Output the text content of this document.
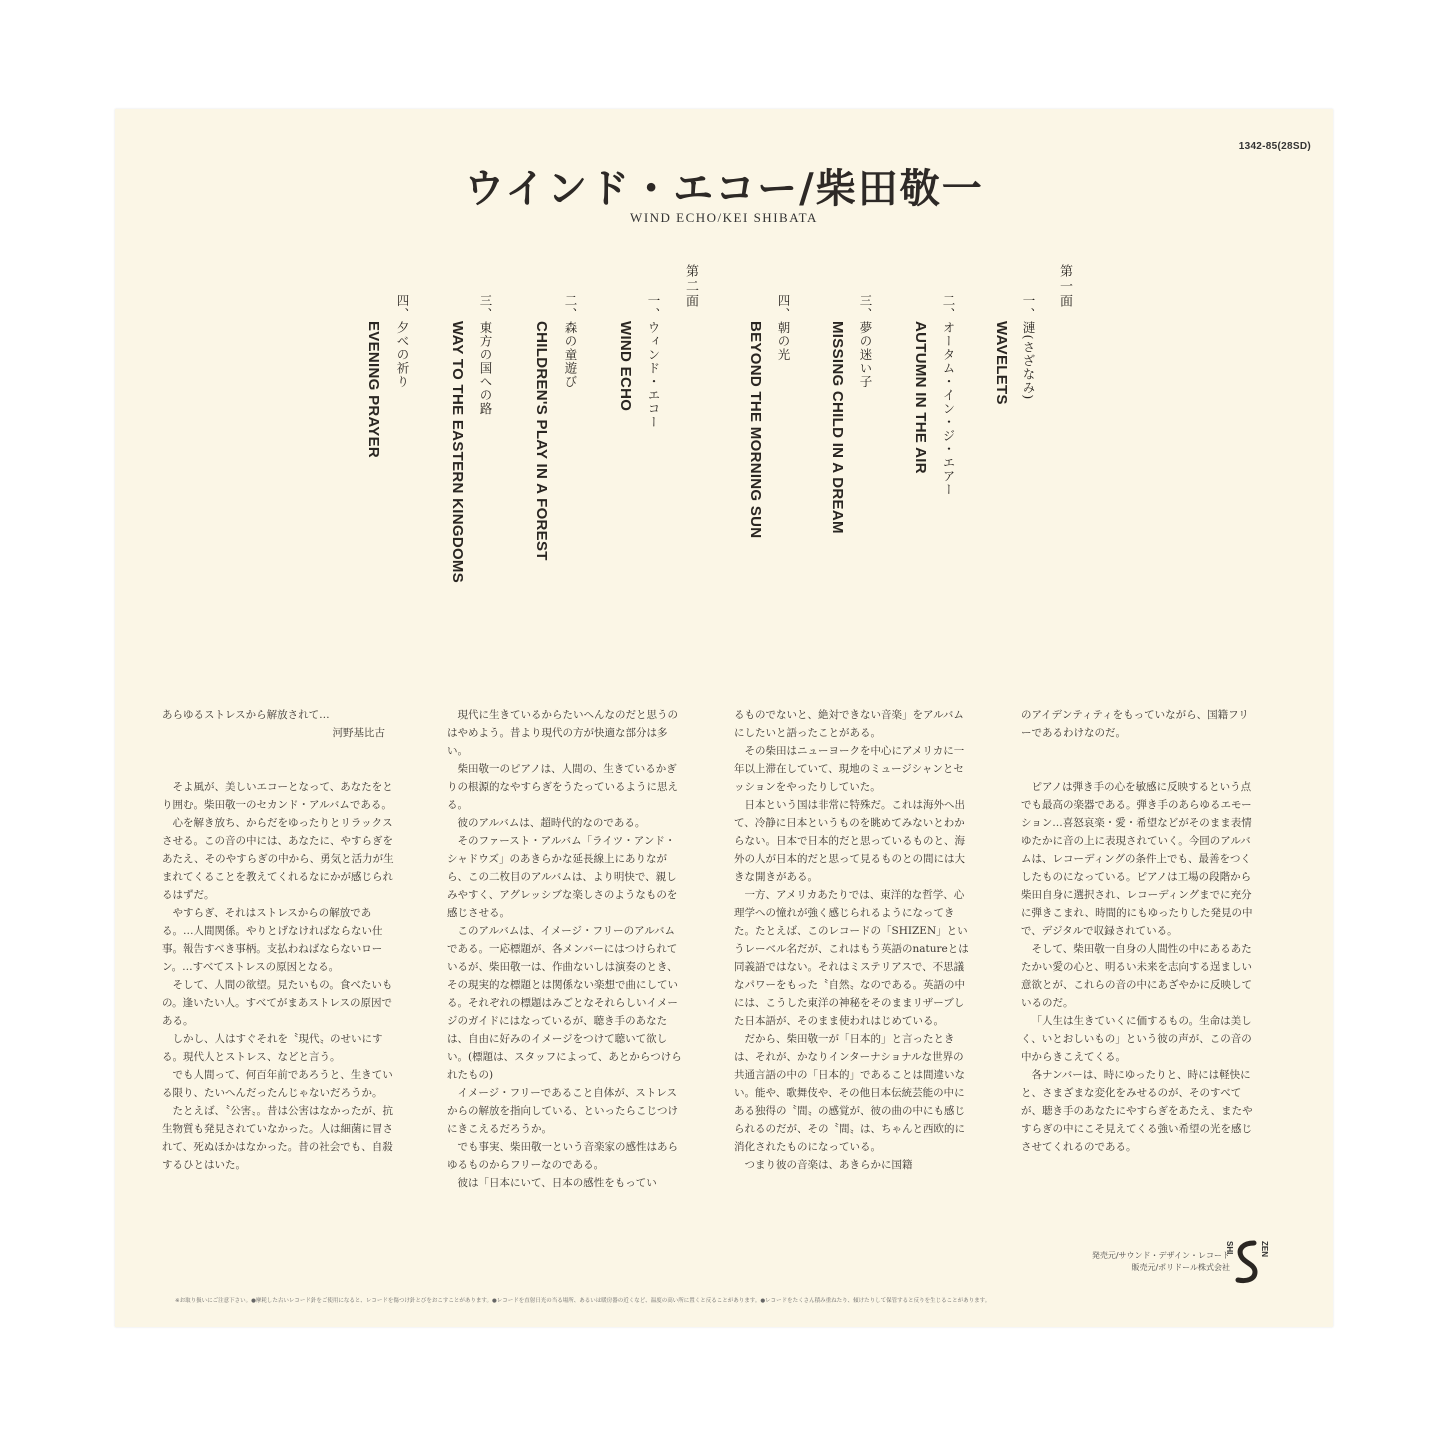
1342-85(28SD)
ウインド・エコー/柴田敬一
WIND ECHO/KEI SHIBATA
第一面
一、漣(さざなみ)
WAVELETS
二、オータム・イン・ジ・エアー
AUTUMN IN THE AIR
三、夢の迷い子
MISSING CHILD IN A DREAM
四、朝の光
BEYOND THE MORNING SUN
第二面
一、ウィンド・エコー
WIND ECHO
二、森の童遊び
CHILDREN'S PLAY IN A FOREST
三、東方の国への路
WAY TO THE EASTERN KINGDOMS
四、夕べの祈り
EVENING PRAYER

あらゆるストレスから解放されて…

河野基比古

そよ風が、美しいエコーとなって、あなたをとり囲む。柴田敬一のセカンド・アルバムである。

心を解き放ち、からだをゆったりとリラックスさせる。この音の中には、あなたに、やすらぎをあたえ、そのやすらぎの中から、勇気と活力が生まれてくることを教えてくれるなにかが感じられるはずだ。

やすらぎ、それはストレスからの解放である。…人間関係。やりとげなければならない仕事。報告すべき事柄。支払わねばならないローン。…すべてストレスの原因となる。

そして、人間の欲望。見たいもの。食べたいもの。逢いたい人。すべてがまあストレスの原因である。

しかし、人はすぐそれを〝現代〟のせいにする。現代人とストレス、などと言う。

でも人間って、何百年前であろうと、生きている限り、たいへんだったんじゃないだろうか。

たとえば、〝公害〟。昔は公害はなかったが、抗生物質も発見されていなかった。人は細菌に冒されて、死ぬほかはなかった。昔の社会でも、自殺するひとはいた。

現代に生きているからたいへんなのだと思うのはやめよう。昔より現代の方が快適な部分は多い。

柴田敬一のピアノは、人間の、生きているかぎりの根源的なやすらぎをうたっているように思える。

彼のアルバムは、超時代的なのである。

そのファースト・アルバム「ライツ・アンド・シャドウズ」のあきらかな延長線上にありながら、この二枚目のアルバムは、より明快で、親しみやすく、アグレッシブな楽しさのようなものを感じさせる。

このアルバムは、イメージ・フリーのアルバムである。一応標題が、各メンバーにはつけられているが、柴田敬一は、作曲ないしは演奏のとき、その現実的な標題とは関係ない楽想で曲にしている。それぞれの標題はみごとなそれらしいイメージのガイドにはなっているが、聴き手のあなたは、自由に好みのイメージをつけて聴いて欲しい。(標題は、スタッフによって、あとからつけられたもの)

イメージ・フリーであること自体が、ストレスからの解放を指向している、といったらこじつけにきこえるだろうか。

でも事実、柴田敬一という音楽家の感性はあらゆるものからフリーなのである。

彼は「日本にいて、日本の感性をもってい

るものでないと、絶対できない音楽」をアルバムにしたいと語ったことがある。

その柴田はニューヨークを中心にアメリカに一年以上滞在していて、現地のミュージシャンとセッションをやったりしていた。

日本という国は非常に特殊だ。これは海外へ出て、冷静に日本というものを眺めてみないとわからない。日本で日本的だと思っているものと、海外の人が日本的だと思って見るものとの間には大きな開きがある。

一方、アメリカあたりでは、東洋的な哲学、心理学への憧れが強く感じられるようになってきた。たとえば、このレコードの「SHIZEN」というレーベル名だが、これはもう英語のnatureとは同義語ではない。それはミステリアスで、不思議なパワーをもった〝自然〟なのである。英語の中には、こうした東洋の神秘をそのままリザーブした日本語が、そのまま使われはじめている。

だから、柴田敬一が「日本的」と言ったときは、それが、かなりインターナショナルな世界の共通言語の中の「日本的」であることは間違いない。能や、歌舞伎や、その他日本伝統芸能の中にある独得の〝間〟の感覚が、彼の曲の中にも感じられるのだが、その〝間〟は、ちゃんと西欧的に消化されたものになっている。

つまり彼の音楽は、あきらかに国籍

のアイデンティティをもっていながら、国籍フリーであるわけなのだ。

ピアノは弾き手の心を敏感に反映するという点でも最高の楽器である。弾き手のあらゆるエモーション…喜怒哀楽・愛・希望などがそのまま表情ゆたかに音の上に表現されていく。今回のアルバムは、レコーディングの条件上でも、最善をつくしたものになっている。ピアノは工場の段階から柴田自身に選択され、レコーディングまでに充分に弾きこまれ、時間的にもゆったりした発見の中で、デジタルで収録されている。

そして、柴田敬一自身の人間性の中にあるあたたかい愛の心と、明るい未来を志向する逞ましい意欲とが、これらの音の中にあざやかに反映しているのだ。

「人生は生きていくに価するもの。生命は美しく、いとおしいもの」という彼の声が、この音の中からきこえてくる。

各ナンバーは、時にゆったりと、時には軽快にと、さまざまな変化をみせるのが、そのすべてが、聴き手のあなたにやすらぎをあたえ、またやすらぎの中にこそ見えてくる強い希望の光を感じさせてくれるのである。

発売元/サウンド・デザイン・レコード
販売元/ポリドール株式会社
SHI	ZEN
※お取り扱いにご注意下さい。●摩耗した古いレコード針をご使用になると、レコードを傷つけ針とびをおこすことがあります。●レコードを直射日光の当る場所、あるいは暖房器の近くなど、温度の高い所に置くと反ることがあります。●レコードをたくさん積み重ねたり、傾けたりして保管すると反りを生じることがあります。
